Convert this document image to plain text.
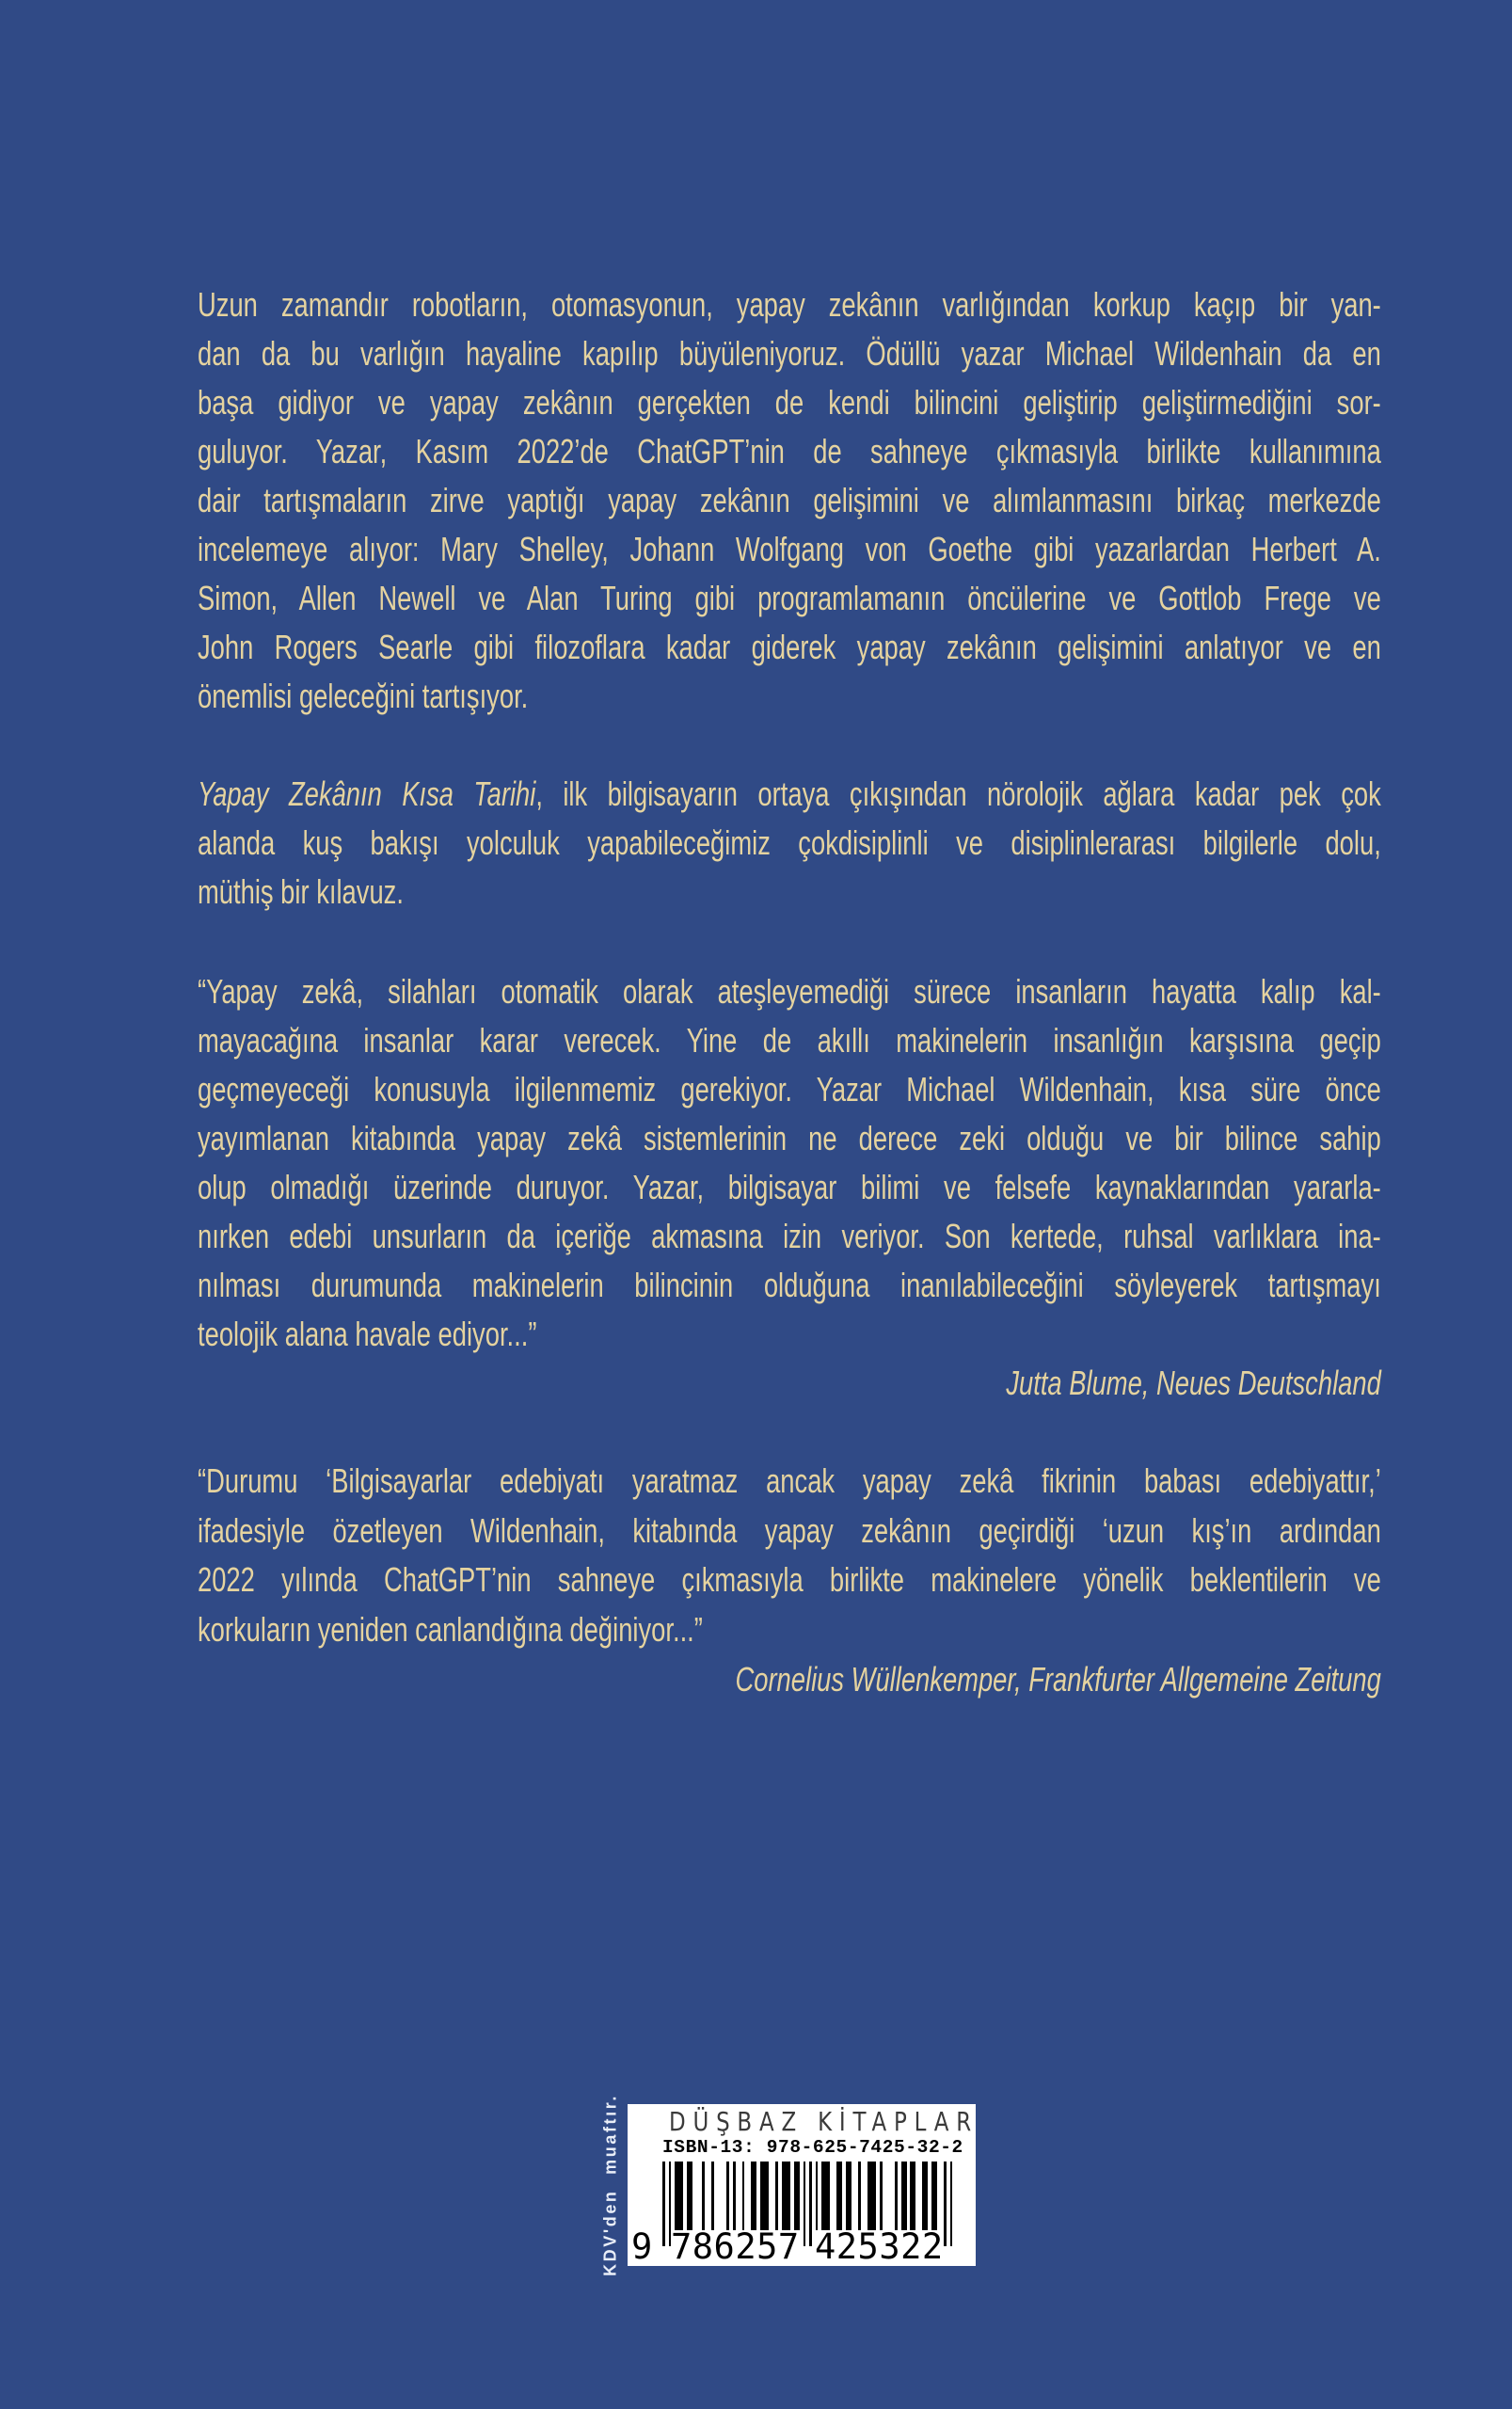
Uzun zamandır robotların, otomasyonun, yapay zekânın varlığından korkup kaçıp bir yan-
dan da bu varlığın hayaline kapılıp büyüleniyoruz. Ödüllü yazar Michael Wildenhain da en
başa gidiyor ve yapay zekânın gerçekten de kendi bilincini geliştirip geliştirmediğini sor-
guluyor. Yazar, Kasım 2022’de ChatGPT’nin de sahneye çıkmasıyla birlikte kullanımına
dair tartışmaların zirve yaptığı yapay zekânın gelişimini ve alımlanmasını birkaç merkezde
incelemeye alıyor: Mary Shelley, Johann Wolfgang von Goethe gibi yazarlardan Herbert A.
Simon, Allen Newell ve Alan Turing gibi programlamanın öncülerine ve Gottlob Frege ve
John Rogers Searle gibi filozoflara kadar giderek yapay zekânın gelişimini anlatıyor ve en
önemlisi geleceğini tartışıyor.
Yapay Zekânın Kısa Tarihi, ilk bilgisayarın ortaya çıkışından nörolojik ağlara kadar pek çok
alanda kuş bakışı yolculuk yapabileceğimiz çokdisiplinli ve disiplinlerarası bilgilerle dolu,
müthiş bir kılavuz.
“Yapay zekâ, silahları otomatik olarak ateşleyemediği sürece insanların hayatta kalıp kal-
mayacağına insanlar karar verecek. Yine de akıllı makinelerin insanlığın karşısına geçip
geçmeyeceği konusuyla ilgilenmemiz gerekiyor. Yazar Michael Wildenhain, kısa süre önce
yayımlanan kitabında yapay zekâ sistemlerinin ne derece zeki olduğu ve bir bilince sahip
olup olmadığı üzerinde duruyor. Yazar, bilgisayar bilimi ve felsefe kaynaklarından yararla-
nırken edebi unsurların da içeriğe akmasına izin veriyor. Son kertede, ruhsal varlıklara ina-
nılması durumunda makinelerin bilincinin olduğuna inanılabileceğini söyleyerek tartışmayı
teolojik alana havale ediyor...”
Jutta Blume, Neues Deutschland
“Durumu ‘Bilgisayarlar edebiyatı yaratmaz ancak yapay zekâ fikrinin babası edebiyattır,’
ifadesiyle özetleyen Wildenhain, kitabında yapay zekânın geçirdiği ‘uzun kış’ın ardından
2022 yılında ChatGPT’nin sahneye çıkmasıyla birlikte makinelere yönelik beklentilerin ve
korkuların yeniden canlandığına değiniyor...”
Cornelius Wüllenkemper, Frankfurter Allgemeine Zeitung
KDV'den muaftır. DÜŞBAZ KİTAPLAR
ISBN-13: 978-625-7425-32-2
9 786257 425322
